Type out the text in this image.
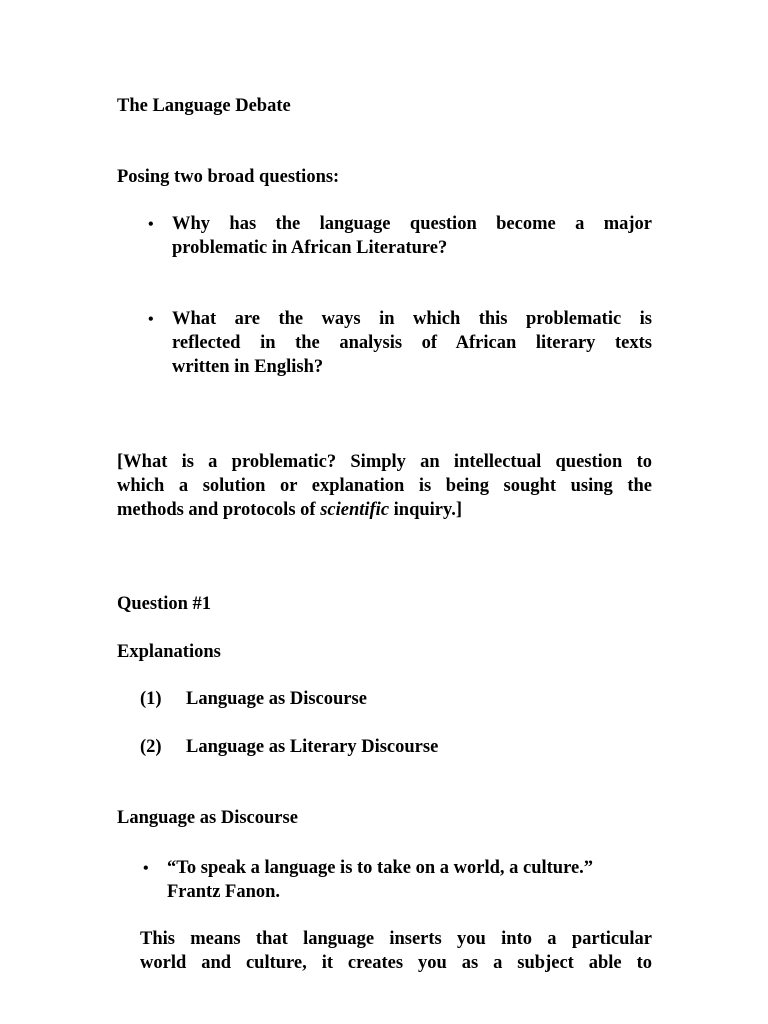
The Language Debate
Posing two broad questions:
• Why has the language question become a major
problematic in African Literature?
• What are the ways in which this problematic is
reflected in the analysis of African literary texts
written in English?
[What is a problematic? Simply an intellectual question to
which a solution or explanation is being sought using the
methods and protocols of scientific inquiry.]
Question #1
Explanations
(1) Language as Discourse
(2) Language as Literary Discourse
Language as Discourse
• “To speak a language is to take on a world, a culture.”
Frantz Fanon.
This means that language inserts you into a particular
world and culture, it creates you as a subject able to
